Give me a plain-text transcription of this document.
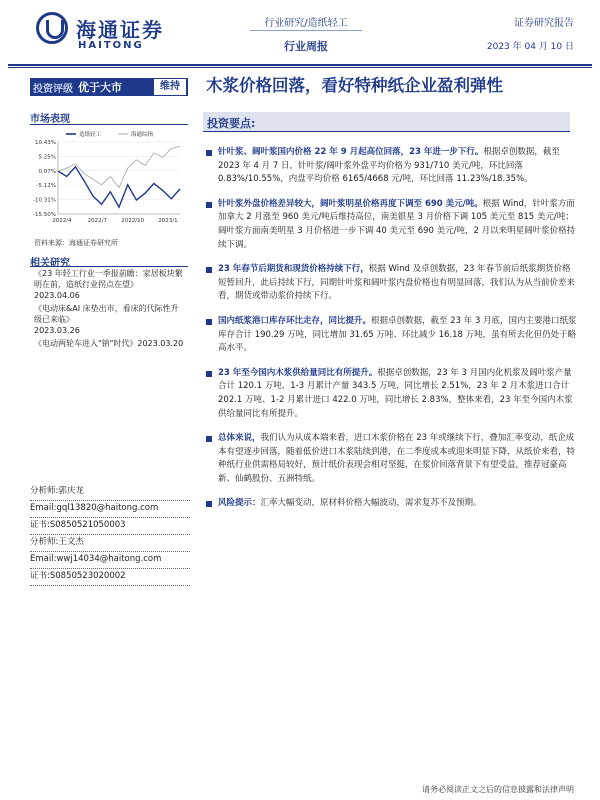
海通证券
HAITONG
行业研究/造纸轻工
行业周报
证券研究报告
2023 年 04 月 10 日
投资评级 优于大市	维持	木浆价格回落，看好特种纸企业盈利弹性
市场表现
10.43%
5.25%
0.07%
-5.12%
-10.31%
-15.50%
2022/4	2022/7	2022/10	2023/1
造纸轻工	海通综指
资料来源：海通证券研究所
相关研究
《23 年轻工行业一季报前瞻：家居板块繁明在前，造纸行业拐点在望》
2023.04.06
《电动床&AI 床垫出市，看床的代际性升级已来临》
2023.03.26
《电动两轮车进入"钠"时代》2023.03.20
分析师:郭庆龙
Email:gql13820@haitong.com
证书:S0850521050003
分析师:王文杰
Email:wwj14034@haitong.com
证书:S0850523020002
投资要点:
针叶浆、阔叶浆国内价格 22 年 9 月起高位回落，23 年进一步下行。根据卓创数据，截至 2023 年 4 月 7 日，针叶浆/阔叶浆外盘平均价格为 931/710 美元/吨，环比回落 0.83%/10.55%，内盘平均价格 6165/4668 元/吨，环比回落 11.23%/18.35%。
针叶浆外盘价格差异较大，阔叶浆明星价格再度下调至 690 美元/吨。根据 Wind，针叶浆方面加拿大 2 月涨至 960 美元/吨后维持高位，南美银星 3 月价格下调 105 美元至 815 美元/吨；阔叶浆方面南美明星 3 月价格进一步下调 40 美元至 690 美元/吨，2 月以来明星阔叶浆价格持续下调。
23 年春节后期货和现货价格持续下行，根据 Wind 及卓创数据，23 年春节前后纸浆期货价格短暂回升，此后持续下行，同期针叶浆和阔叶浆内盘价格也有明显回落，我们认为从当前价差来看，期货或带动浆价持续下行。
国内纸浆港口库存环比走存，同比提升。根据卓创数据，截至 23 年 3 月底，国内主要港口纸浆库存合计 190.29 万吨，同比增加 31.65 万吨、环比减少 16.18 万吨，虽有所去化但仍处于略高水平。
23 年至今国内木浆供给量同比有所提升。根据卓创数据，23 年 3 月国内化机浆及阔叶浆产量合计 120.1 万吨，1-3 月累计产量 343.5 万吨，同比增长 2.51%，23 年 2 月木浆进口合计 202.1 万吨、1-2 月累计进口 422.0 万吨，同比增长 2.83%，整体来看，23 年至今国内木浆供给量同比有所提升。
总体来说，我们认为从成本端来看，进口木浆价格在 23 年或继续下行，叠加汇率变动，纸企成本有望逐步回落，随着低价进口木浆陆续到港，在二季度成本或迎来明显下降，从纸价来看，特种纸行业供需格局较好，预计纸价表现会相对坚挺，在浆价回落背景下有望受益，推荐冠豪高新、仙鹤股份、五洲特纸。
风险提示：汇率大幅变动，原材料价格大幅波动，需求复苏不及预期。
请务必阅读正文之后的信息披露和法律声明
